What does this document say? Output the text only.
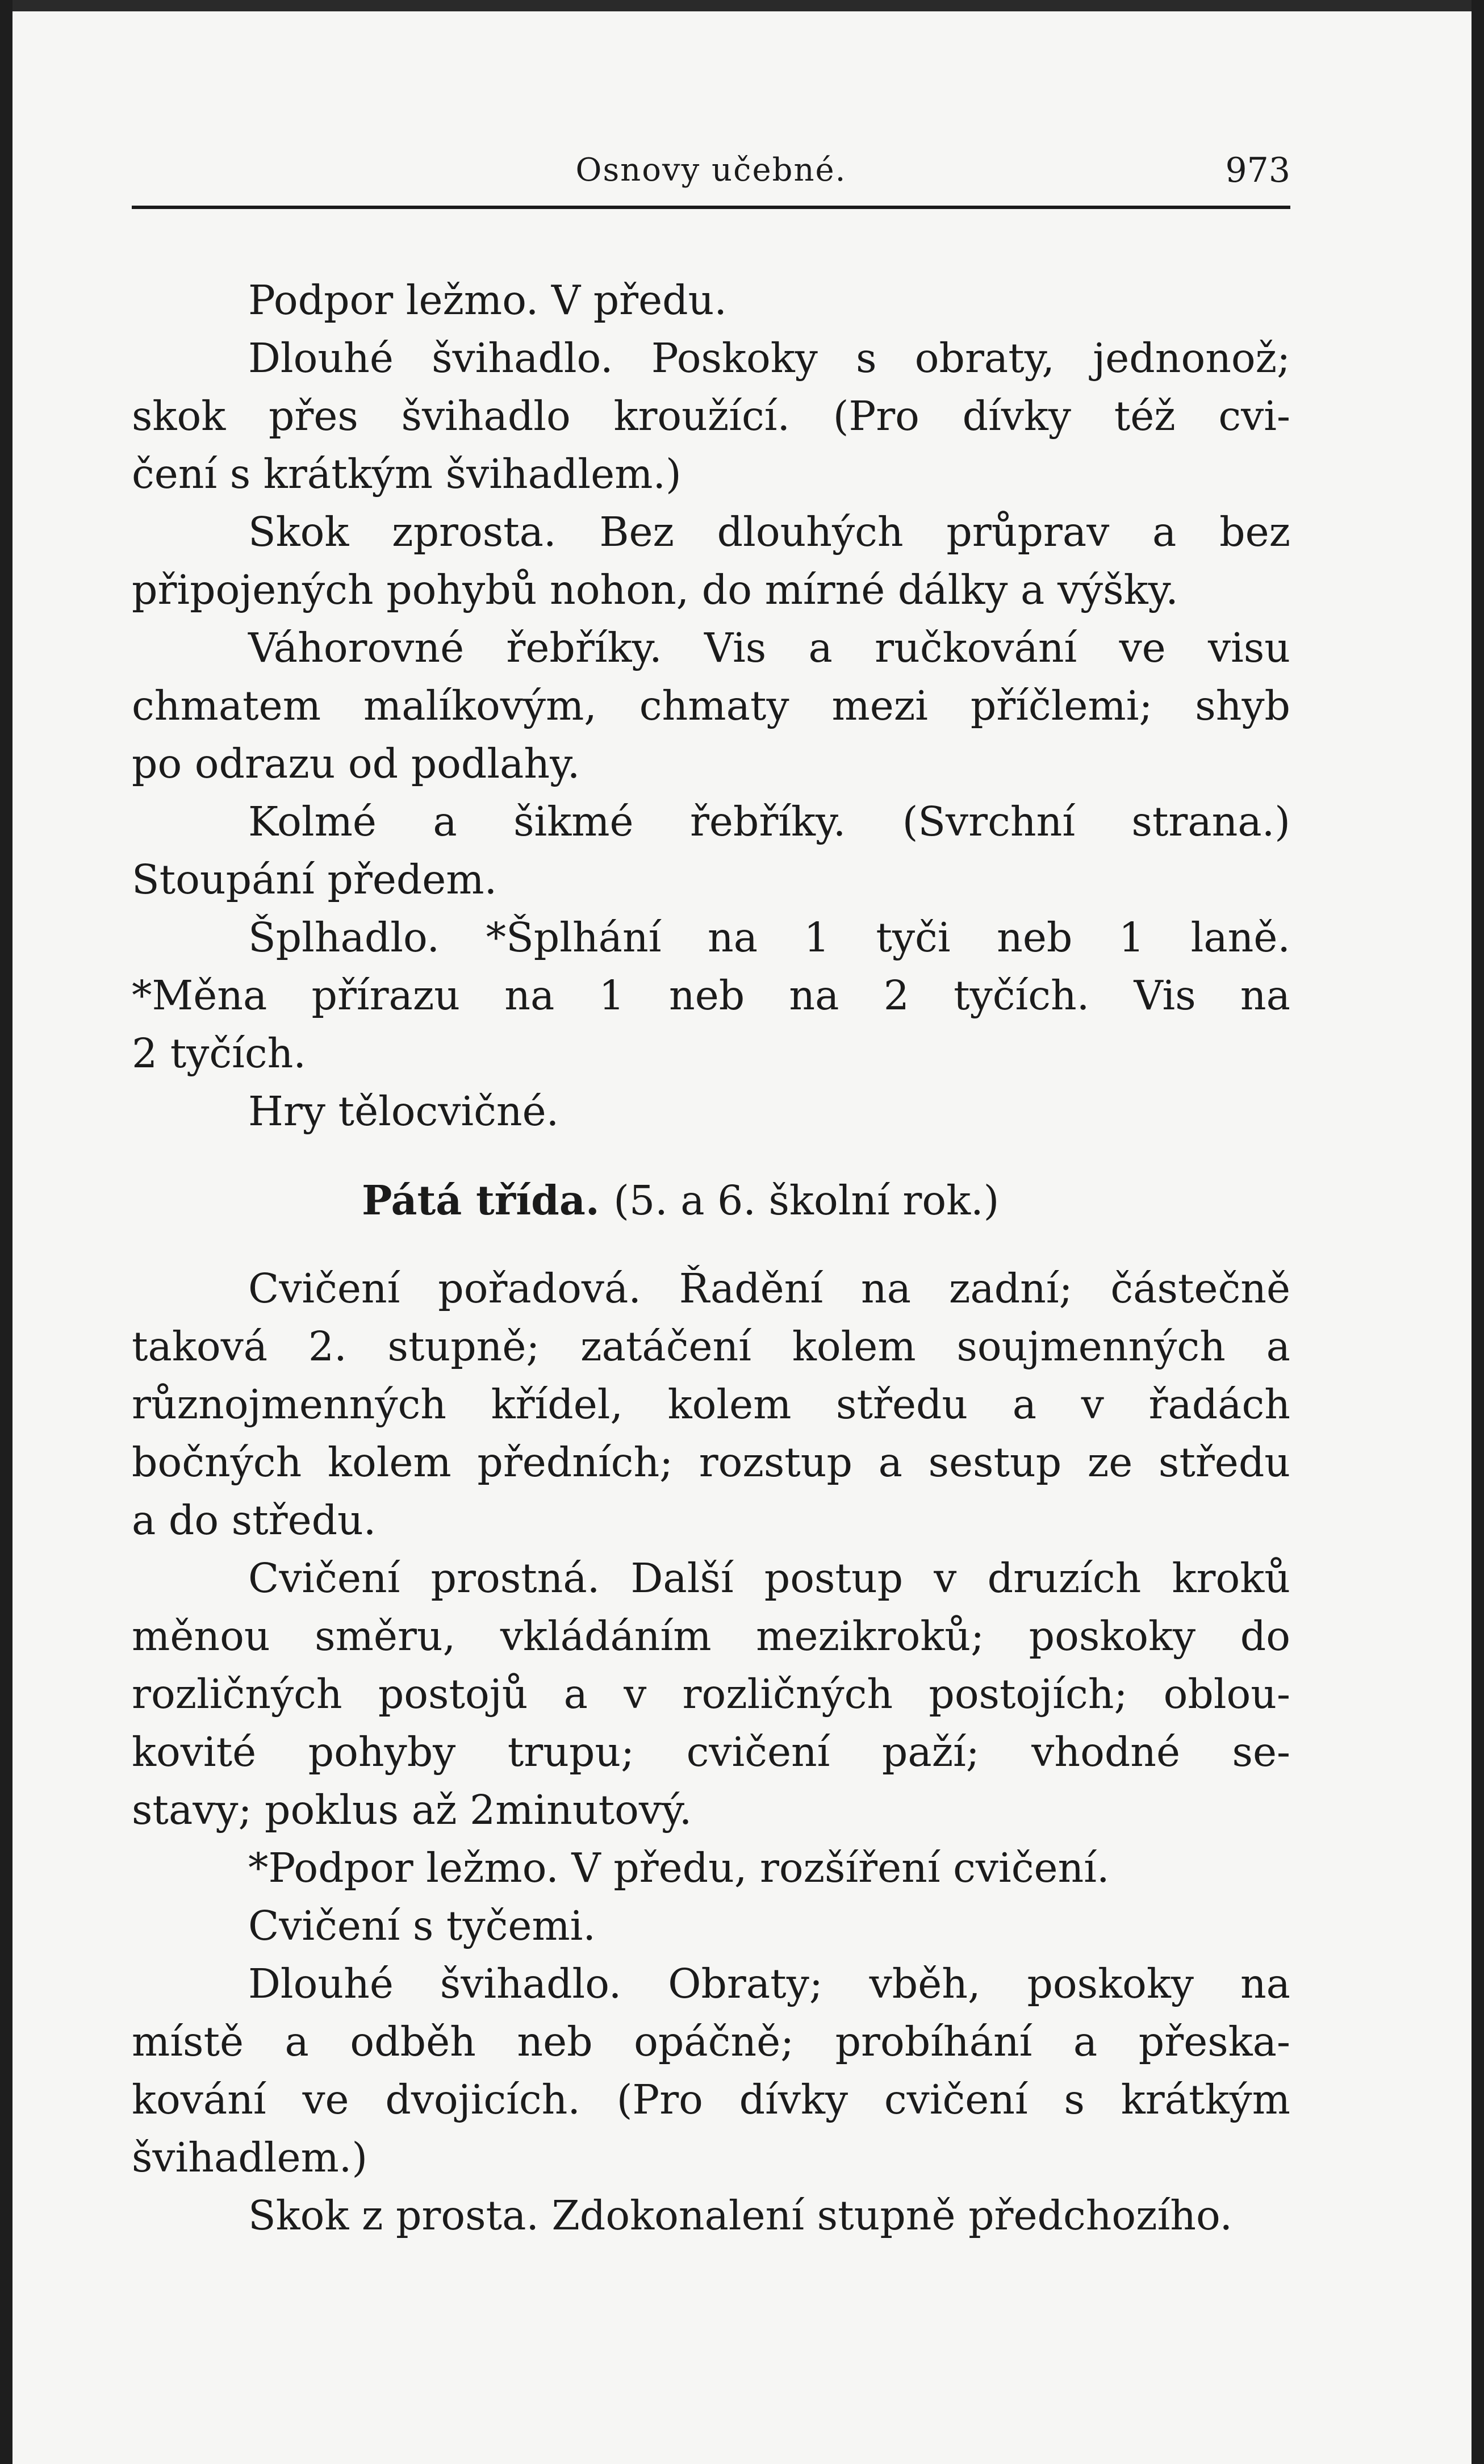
Osnovy učebné.	973
Podpor ležmo. V předu.
Dlouhé švihadlo. Poskoky s obraty, jednonož;
skok přes švihadlo kroužící. (Pro dívky též cvi-
čení s krátkým švihadlem.)
Skok zprosta. Bez dlouhých průprav a bez
připojených pohybů nohon, do mírné dálky a výšky.
Váhorovné řebříky. Vis a ručkování ve visu
chmatem malíkovým, chmaty mezi příčlemi; shyb
po odrazu od podlahy.
Kolmé a šikmé řebříky. (Svrchní strana.)
Stoupání předem.
Šplhadlo. *Šplhání na 1 tyči neb 1 laně.
*Měna přírazu na 1 neb na 2 tyčích. Vis na
2 tyčích.
Hry tělocvičné.
Pátá třída. (5. a 6. školní rok.)
Cvičení pořadová. Řadění na zadní; částečně
taková 2. stupně; zatáčení kolem soujmenných a
různojmenných křídel, kolem středu a v řadách
bočných kolem předních; rozstup a sestup ze středu
a do středu.
Cvičení prostná. Další postup v druzích kroků
měnou směru, vkládáním mezikroků; poskoky do
rozličných postojů a v rozličných postojích; oblou-
kovité pohyby trupu; cvičení paží; vhodné se-
stavy; poklus až 2minutový.
*Podpor ležmo. V předu, rozšíření cvičení.
Cvičení s tyčemi.
Dlouhé švihadlo. Obraty; vběh, poskoky na
místě a odběh neb opáčně; probíhání a přeska-
kování ve dvojicích. (Pro dívky cvičení s krátkým
švihadlem.)
Skok z prosta. Zdokonalení stupně předchozího.
